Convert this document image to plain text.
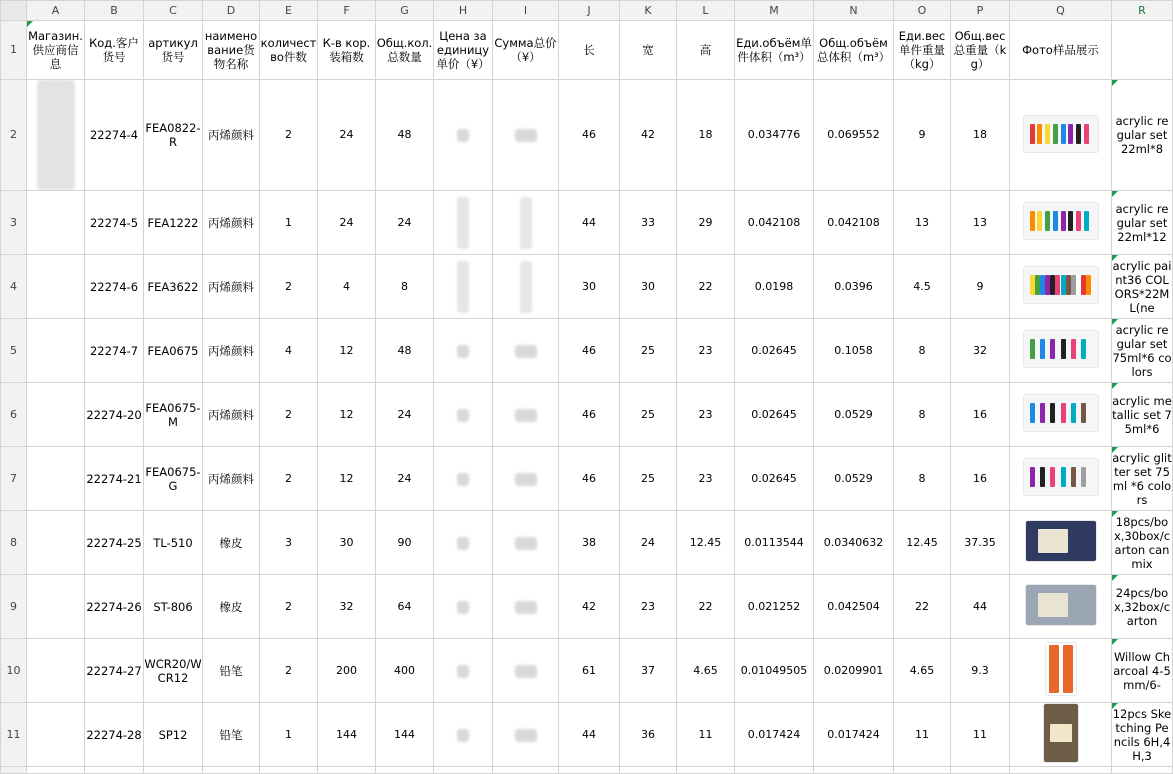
	A	B	C	D	E	F	G	H	I	J	K	L	M	N	O	P	Q	R
1	Магазин.供应商信息	Код.客户货号	артикул货号	наименование货物名称	количество件数	К-в кор.装箱数	Общ.кол.总数量	Цена за единицу单价（¥）	Сумма总价（¥）	长	宽	高	Еди.объём单件体积（m³）	Общ.объём 总体积（m³）	Еди.вес单件重量（kg）	Общ.вес总重量（kg）	Фото样品展示	
2		22274-4	FEA0822-R	丙烯颜料	2	24	48			46	42	18	0.034776	0.069552	9	18		acrylic regular set 22ml*8
3		22274-5	FEA1222	丙烯颜料	1	24	24			44	33	29	0.042108	0.042108	13	13		acrylic regular set 22ml*12
4		22274-6	FEA3622	丙烯颜料	2	4	8			30	30	22	0.0198	0.0396	4.5	9		acrylic paint36 COLORS*22ML(ne
5		22274-7	FEA0675	丙烯颜料	4	12	48			46	25	23	0.02645	0.1058	8	32		acrylic regular set 75ml*6 colors
6		22274-20	FEA0675-M	丙烯颜料	2	12	24			46	25	23	0.02645	0.0529	8	16		acrylic metallic set 75ml*6
7		22274-21	FEA0675-G	丙烯颜料	2	12	24			46	25	23	0.02645	0.0529	8	16		acrylic glitter set 75ml *6 colors
8		22274-25	TL-510	橡皮	3	30	90			38	24	12.45	0.0113544	0.0340632	12.45	37.35		18pcs/box,30box/carton can mix
9		22274-26	ST-806	橡皮	2	32	64			42	23	22	0.021252	0.042504	22	44		24pcs/box,32box/carton
10		22274-27	WCR20/WCR12	铅笔	2	200	400			61	37	4.65	0.01049505	0.0209901	4.65	9.3		Willow Charcoal 4-5mm/6-
11		22274-28	SP12	铅笔	1	144	144			44	36	11	0.017424	0.017424	11	11		12pcs Sketching Pencils 6H,4H,3
